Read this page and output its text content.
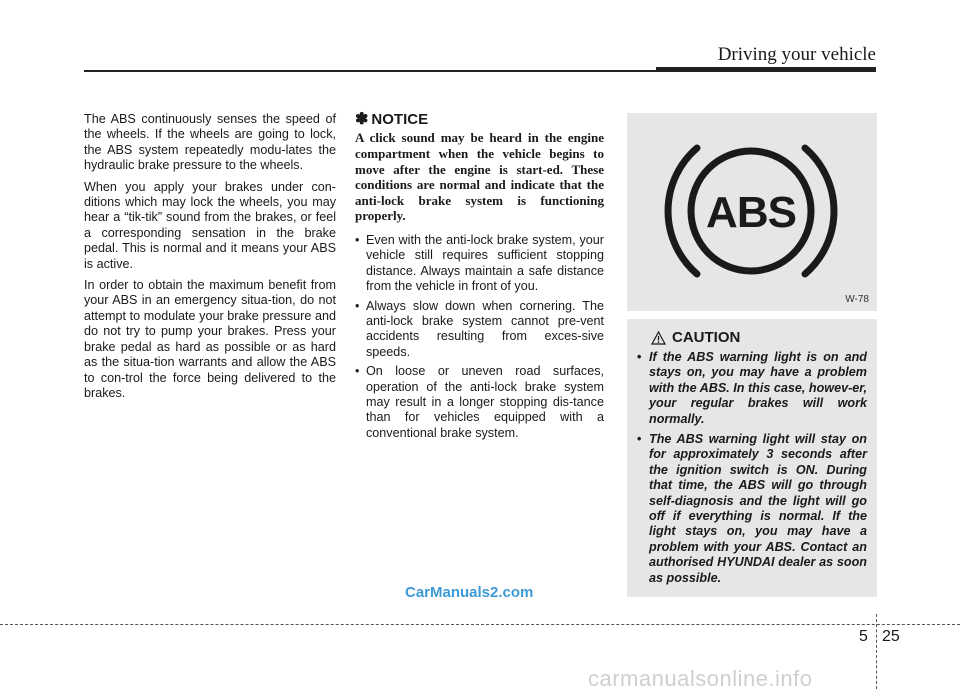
Driving your vehicle

The ABS continuously senses the speed of the wheels. If the wheels are going to lock, the ABS system repeatedly modu-lates the hydraulic brake pressure to the wheels.

When you apply your brakes under con-ditions which may lock the wheels, you may hear a “tik-tik” sound from the brakes, or feel a corresponding sensation in the brake pedal. This is normal and it means your ABS is active.

In order to obtain the maximum benefit from your ABS in an emergency situa-tion, do not attempt to modulate your brake pressure and do not try to pump your brakes. Press your brake pedal as hard as possible or as hard as the situa-tion warrants and allow the ABS to con-trol the force being delivered to the brakes.

✽ NOTICE
A click sound may be heard in the engine compartment when the vehicle begins to move after the engine is start-ed. These conditions are normal and indicate that the anti-lock brake system is functioning properly.
• Even with the anti-lock brake system, your vehicle still requires sufficient stopping distance. Always maintain a safe distance from the vehicle in front of you.
• Always slow down when cornering. The anti-lock brake system cannot pre-vent accidents resulting from exces-sive speeds.
• On loose or uneven road surfaces, operation of the anti-lock brake system may result in a longer stopping dis-tance than for vehicles equipped with a conventional brake system.
ABS
W-78
CAUTION
• If the ABS warning light is on and stays on, you may have a problem with the ABS. In this case, howev-er, your regular brakes will work normally.
• The ABS warning light will stay on for approximately 3 seconds after the ignition switch is ON. During that time, the ABS will go through self-diagnosis and the light will go off if everything is normal. If the light stays on, you may have a problem with your ABS. Contact an authorised HYUNDAI dealer as soon as possible.
CarManuals2.com
5 25
carmanualsonline.info
